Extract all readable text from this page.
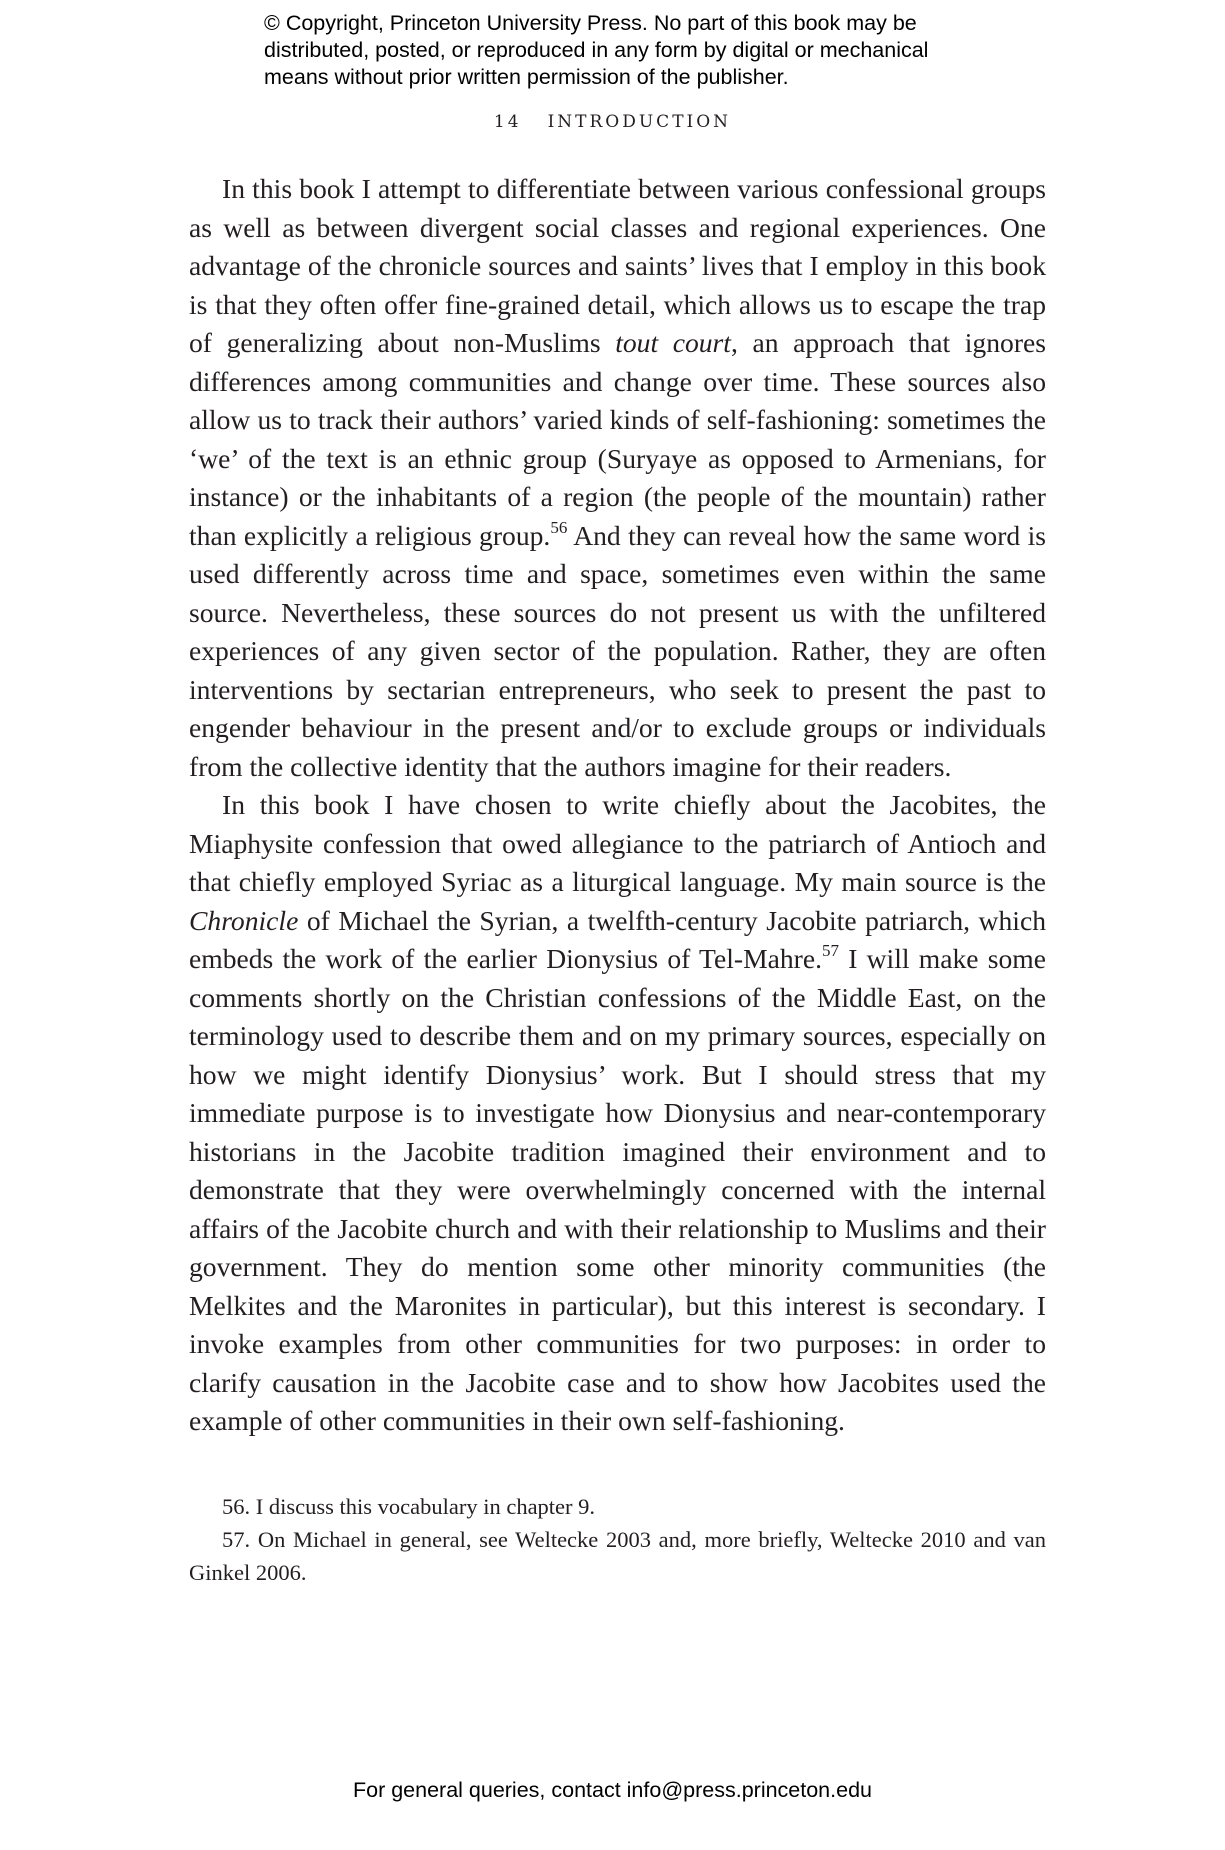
© Copyright, Princeton University Press. No part of this book may be
distributed, posted, or reproduced in any form by digital or mechanical
means without prior written permission of the publisher.
14 INTRODUCTION

In this book I attempt to differentiate between various confessional groups as well as between divergent social classes and regional experiences. One advantage of the chronicle sources and saints’ lives that I employ in this book is that they often offer fine-grained detail, which allows us to escape the trap of generalizing about non-Muslims tout court, an approach that ignores differences among communities and change over time. These sources also allow us to track their authors’ varied kinds of self-fashioning: sometimes the ‘we’ of the text is an ethnic group (Suryaye as opposed to Armenians, for instance) or the inhabitants of a region (the people of the mountain) rather than explicitly a religious group.$^{56}$ And they can reveal how the same word is used differently across time and space, sometimes even within the same source. Nevertheless, these sources do not present us with the unfiltered experiences of any given sector of the population. Rather, they are often interventions by sectarian entrepreneurs, who seek to present the past to engender behaviour in the present and/or to exclude groups or individuals from the collective identity that the authors imagine for their readers.

In this book I have chosen to write chiefly about the Jacobites, the Miaphysite confession that owed allegiance to the patriarch of Antioch and that chiefly employed Syriac as a liturgical language. My main source is the Chronicle of Michael the Syrian, a twelfth-century Jacobite patriarch, which embeds the work of the earlier Dionysius of Tel-Mahre.$^{57}$ I will make some comments shortly on the Christian confessions of the Middle East, on the terminology used to describe them and on my primary sources, especially on how we might identify Dionysius’ work. But I should stress that my immediate purpose is to investigate how Dionysius and near-contemporary historians in the Jacobite tradition imagined their environment and to demonstrate that they were overwhelmingly concerned with the internal affairs of the Jacobite church and with their relationship to Muslims and their government. They do mention some other minority communities (the Melkites and the Maronites in particular), but this interest is secondary. I invoke examples from other communities for two purposes: in order to clarify causation in the Jacobite case and to show how Jacobites used the example of other communities in their own self-fashioning.

56. I discuss this vocabulary in chapter 9.

57. On Michael in general, see Weltecke 2003 and, more briefly, Weltecke 2010 and van Ginkel 2006.

For general queries, contact info@press.princeton.edu
